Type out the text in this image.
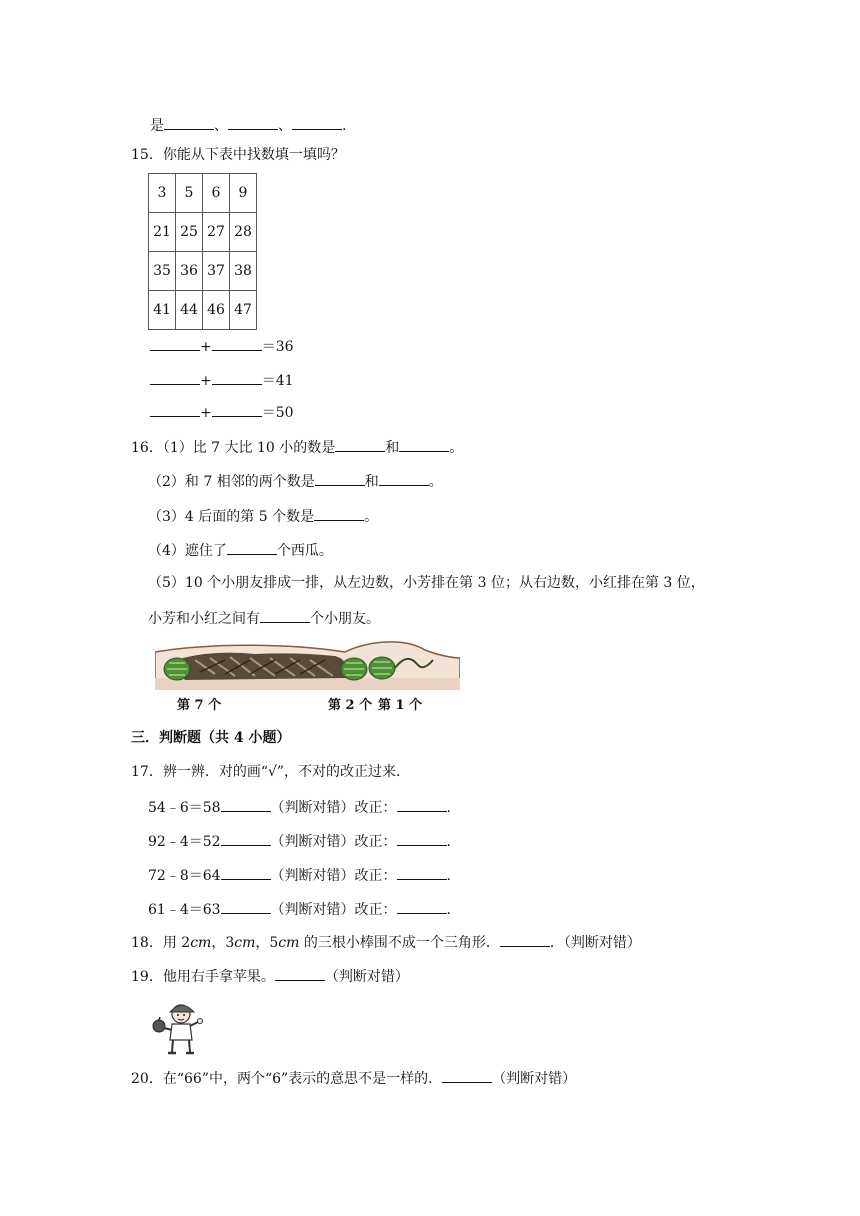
是	、	、	.
15．你能从下表中找数填一填吗？
3	5	6	9
21	25	27	28
35	36	37	38
41	44	46	47
+	＝36
+	＝41
+	＝50
16．（1）比 7 大比 10 小的数是	和	。
（2）和 7 相邻的两个数是	和	。
（3）4 后面的第 5 个数是	。
（4）遮住了	个西瓜。
（5）10 个小朋友排成一排，从左边数，小芳排在第 3 位；从右边数，小红排在第 3 位，
小芳和小红之间有	个小朋友。
第 7 个	第 2 个 第 1 个
三．判断题（共 4 小题）
17．辨一辨．对的画“√”，不对的改正过来．
54﹣6＝58	（判断对错）改正：	.
92﹣4＝52	（判断对错）改正：	.
72﹣8＝64	（判断对错）改正：	.
61﹣4＝63	（判断对错）改正：	.
18．用 2cm，3cm，5cm 的三根小棒围不成一个三角形．	．（判断对错）
19．他用右手拿苹果。	（判断对错）
20．在“66”中，两个“6”表示的意思不是一样的．	（判断对错）
